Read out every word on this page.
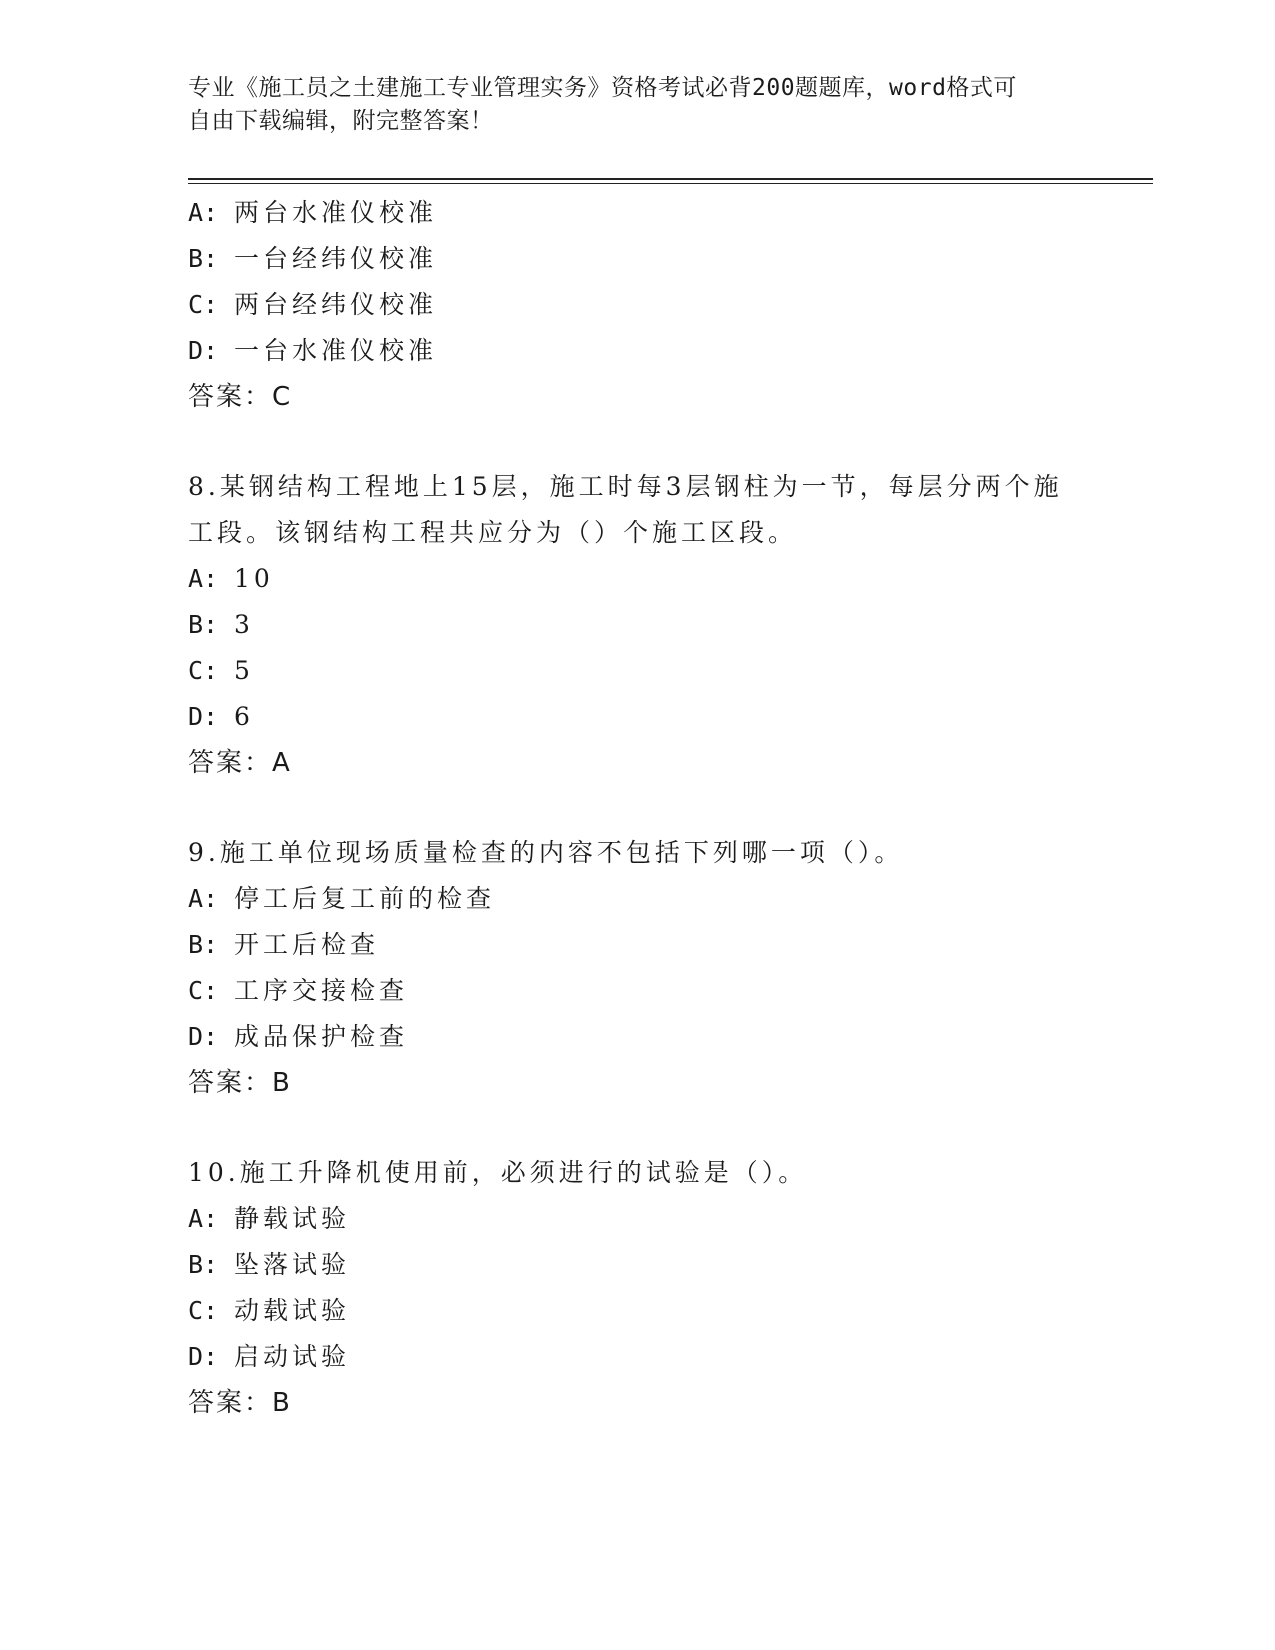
专业《施工员之土建施工专业管理实务》资格考试必背200题题库，word格式可
自由下载编辑，附完整答案！
A: 两台水准仪校准
B: 一台经纬仪校准
C: 两台经纬仪校准
D: 一台水准仪校准
答案：C
8.某钢结构工程地上15层，施工时每3层钢柱为一节，每层分两个施
工段。该钢结构工程共应分为（）个施工区段。
A: 10
B: 3
C: 5
D: 6
答案：A
9.施工单位现场质量检查的内容不包括下列哪一项（）。
A: 停工后复工前的检查
B: 开工后检查
C: 工序交接检查
D: 成品保护检查
答案：B
10.施工升降机使用前，必须进行的试验是（）。
A: 静载试验
B: 坠落试验
C: 动载试验
D: 启动试验
答案：B
